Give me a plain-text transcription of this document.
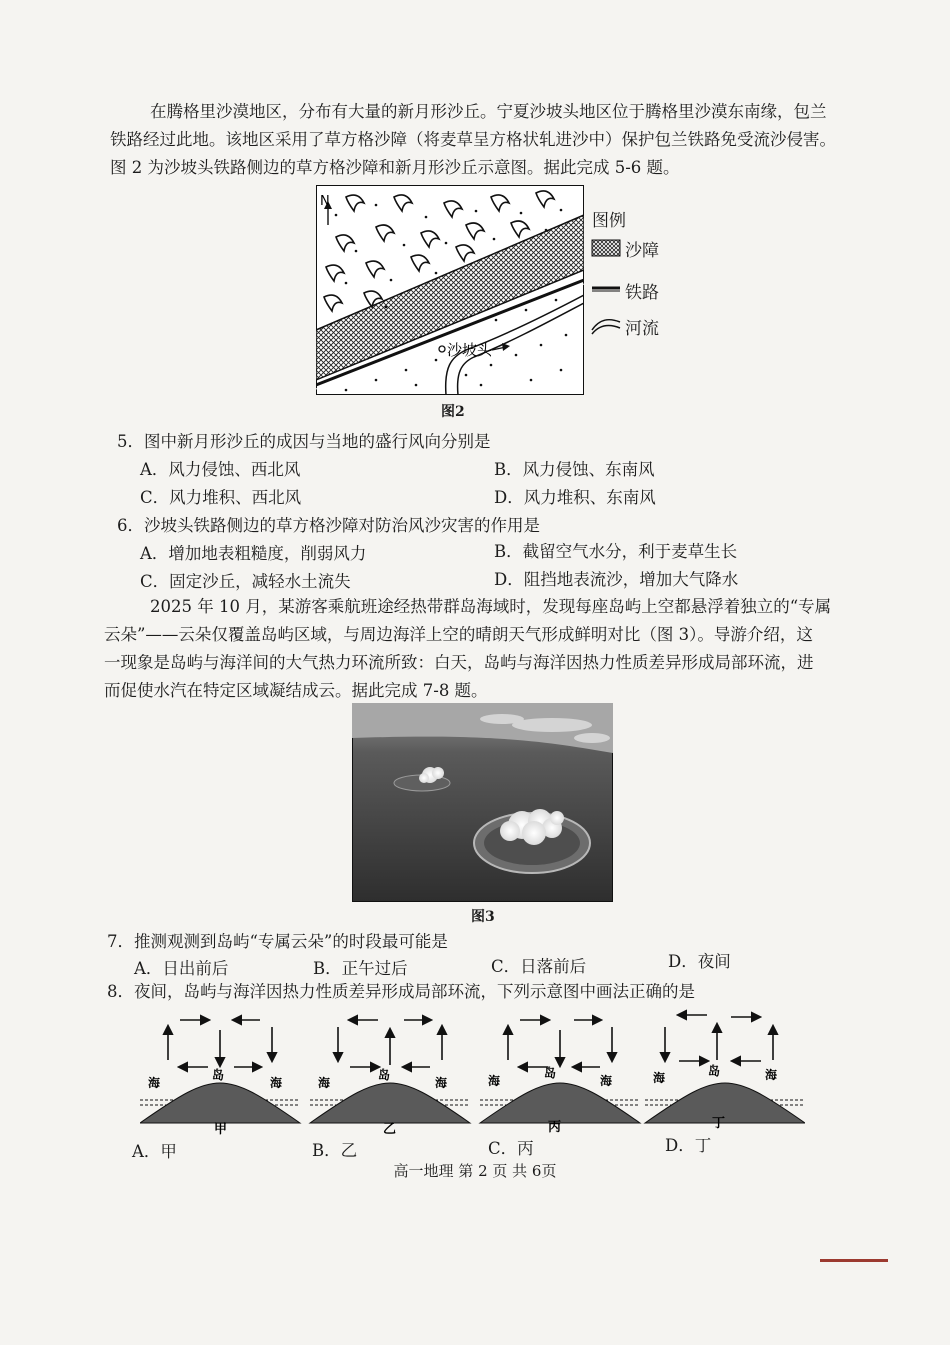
在腾格里沙漠地区，分布有大量的新月形沙丘。宁夏沙坡头地区位于腾格里沙漠东南缘，包兰
铁路经过此地。该地区采用了草方格沙障（将麦草呈方格状轧进沙中）保护包兰铁路免受流沙侵害。
图 2 为沙坡头铁路侧边的草方格沙障和新月形沙丘示意图。据此完成 5-6 题。
N
沙坡头
图例
沙障
铁路
河流
图2
5．图中新月形沙丘的成因与当地的盛行风向分别是
A．风力侵蚀、西北风	B．风力侵蚀、东南风
C．风力堆积、西北风	D．风力堆积、东南风
6．沙坡头铁路侧边的草方格沙障对防治风沙灾害的作用是
A．增加地表粗糙度，削弱风力	B．截留空气水分，利于麦草生长
C．固定沙丘，减轻水土流失	D．阻挡地表流沙，增加大气降水
2025 年 10 月，某游客乘航班途经热带群岛海域时，发现每座岛屿上空都悬浮着独立的“专属
云朵”——云朵仅覆盖岛屿区域，与周边海洋上空的晴朗天气形成鲜明对比（图 3）。导游介绍，这
一现象是岛屿与海洋间的大气热力环流所致：白天，岛屿与海洋因热力性质差异形成局部环流，进
而促使水汽在特定区域凝结成云。据此完成 7-8 题。
图3
7．推测观测到岛屿“专属云朵”的时段最可能是
A．日出前后	B．正午过后	C．日落前后	D．夜间
8．夜间，岛屿与海洋因热力性质差异形成局部环流，下列示意图中画法正确的是
海
岛
海
甲
海
岛
海
乙
海
岛
海
丙
海	岛	海
丁
A．甲	B．乙	C．丙	D．丁
高一地理 第 2 页 共 6页
